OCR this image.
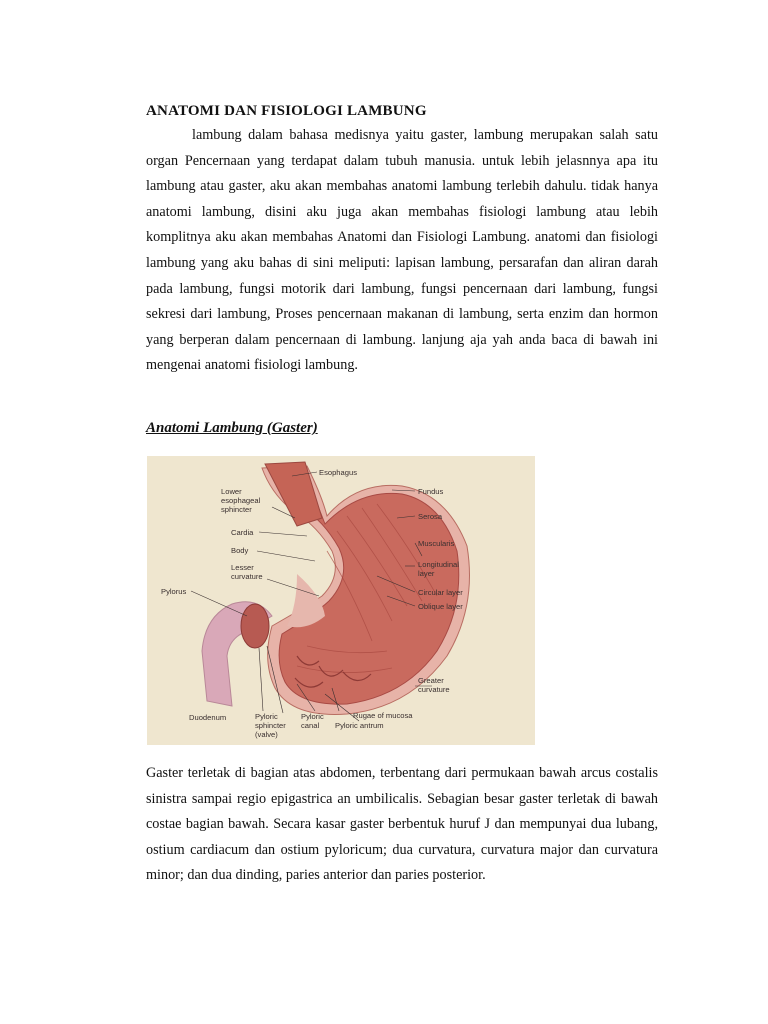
ANATOMI DAN FISIOLOGI LAMBUNG

lambung dalam bahasa medisnya yaitu gaster, lambung merupakan salah satu organ Pencernaan yang terdapat dalam tubuh manusia. untuk lebih jelasnnya apa itu lambung atau gaster, aku akan membahas anatomi lambung terlebih dahulu. tidak hanya anatomi lambung, disini aku juga akan membahas fisiologi lambung atau lebih komplitnya aku akan membahas Anatomi dan Fisiologi Lambung. anatomi dan fisiologi lambung yang aku bahas di sini meliputi: lapisan lambung, persarafan dan aliran darah pada lambung, fungsi motorik dari lambung, fungsi pencernaan dari lambung, fungsi sekresi dari lambung, Proses pencernaan makanan di lambung, serta enzim dan hormon yang berperan dalam pencernaan di lambung. lanjung aja yah anda baca di bawah ini mengenai anatomi fisiologi lambung.

Anatomi Lambung (Gaster)
Esophagus
Lower
esophageal
sphincter
Cardia
Body
Lesser
curvature
Pylorus
Fundus
Serosa
Muscularis
Longitudinal
layer
Circular layer
Oblique layer
Greater
curvature
Duodenum	Pyloric
sphincter
(valve)
Pyloric
canal
Rugae of mucosa
Pyloric antrum

Gaster terletak di bagian atas abdomen, terbentang dari permukaan bawah arcus costalis sinistra sampai regio epigastrica an umbilicalis. Sebagian besar gaster terletak di bawah costae bagian bawah. Secara kasar gaster berbentuk huruf J dan mempunyai dua lubang, ostium cardiacum dan ostium pyloricum; dua curvatura, curvatura major dan curvatura minor; dan dua dinding, paries anterior dan paries posterior.
